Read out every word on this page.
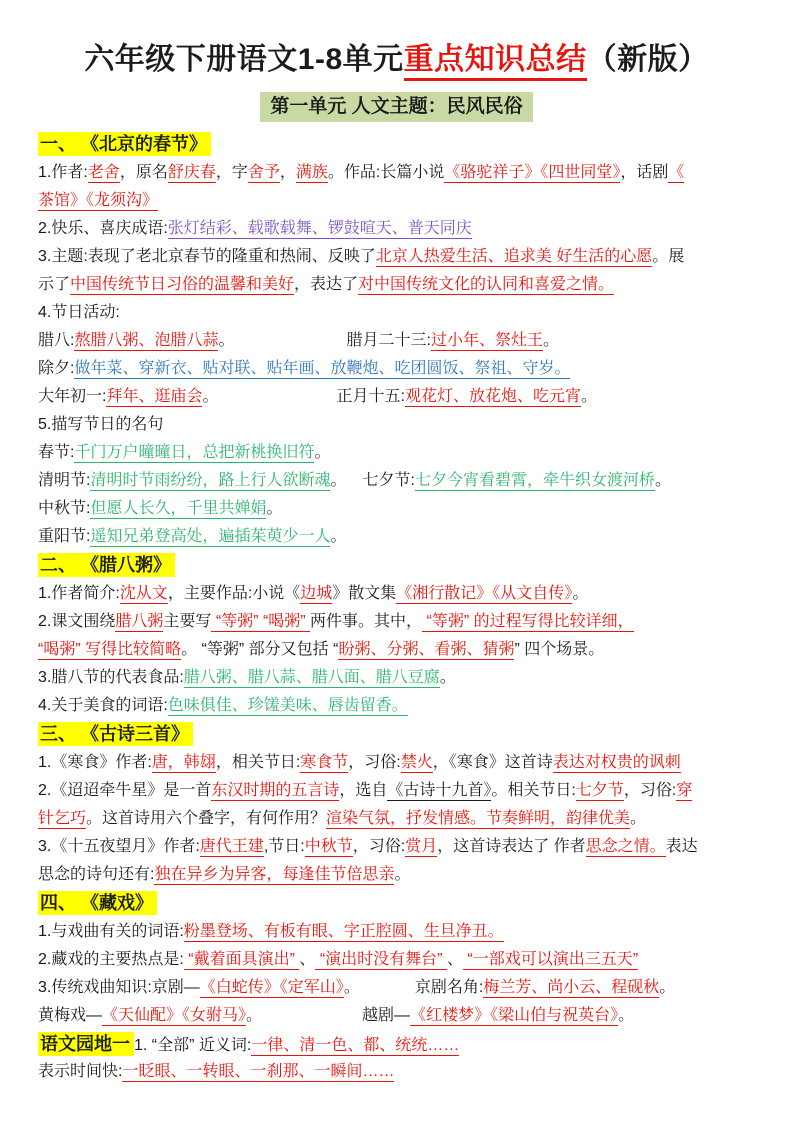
六年级下册语文1-8单元重点知识总结（新版）
第一单元 人文主题：民风民俗
一、 《北京的春节》
1.作者:老舍，原名舒庆春，字舍予，满族。作品:长篇小说《骆驼祥子》《四世同堂》，话剧《
茶馆》《龙须沟》
2.快乐、喜庆成语:张灯结彩、载歌载舞、锣鼓喧天、普天同庆
3.主题:表现了老北京春节的隆重和热闹、反映了北京人热爱生活、追求美 好生活的心愿。展
示了中国传统节日习俗的温馨和美好，表达了对中国传统文化的认同和喜爱之情。
4.节日活动:
腊八:熬腊八粥、泡腊八蒜。	腊月二十三:过小年、祭灶王。
除夕:做年菜、穿新衣、贴对联、贴年画、放鞭炮、吃团圆饭、祭祖、守岁。
大年初一:拜年、逛庙会。	正月十五:观花灯、放花炮、吃元宵。
5.描写节日的名句
春节:千门万户曈曈日，总把新桃换旧符。
清明节:清明时节雨纷纷，路上行人欲断魂。 七夕节:七夕今宵看碧霄，牵牛织女渡河桥。
中秋节:但愿人长久，千里共婵娟。
重阳节:遥知兄弟登高处，遍插茱萸少一人。
二、 《腊八粥》
1.作者简介:沈从文，主要作品:小说《边城》散文集《湘行散记》《从文自传》。
2.课文围绕腊八粥主要写 “等粥” “喝粥” 两件事。其中， “等粥” 的过程写得比较详细，
“喝粥” 写得比较简略。 “等粥” 部分又包括 “盼粥、分粥、看粥、猜粥” 四个场景。
3.腊八节的代表食品:腊八粥、腊八蒜、腊八面、腊八豆腐。
4.关于美食的词语:色味俱佳、珍馐美味、唇齿留香。
三、 《古诗三首》
1.《寒食》作者:唐，韩翃，相关节日:寒食节，习俗:禁火，《寒食》这首诗表达对权贵的讽刺
2.《迢迢牵牛星》是一首东汉时期的五言诗，选自《古诗十九首》。相关节日:七夕节，习俗:穿
针乞巧。这首诗用六个叠字，有何作用？渲染气氛，抒发情感。节奏鲜明，韵律优美。
3.《十五夜望月》作者:唐代王建,节日:中秋节，习俗:赏月，这首诗表达了 作者思念之情。表达
思念的诗句还有:独在异乡为异客，每逢佳节倍思亲。
四、 《藏戏》
1.与戏曲有关的词语:粉墨登场、有板有眼、字正腔圆、生旦净丑。
2.藏戏的主要热点是: “戴着面具演出” 、 “演出时没有舞台” 、 “一部戏可以演出三五天”
3.传统戏曲知识:京剧—《白蛇传》《定军山》。	京剧名角:梅兰芳、尚小云、程砚秋。
黄梅戏—《天仙配》《女驸马》。	越剧—《红楼梦》《梁山伯与祝英台》。
语文园地一 1. “全部” 近义词:一律、清一色、都、统统……
表示时间快:一眨眼、一转眼、一刹那、一瞬间……
